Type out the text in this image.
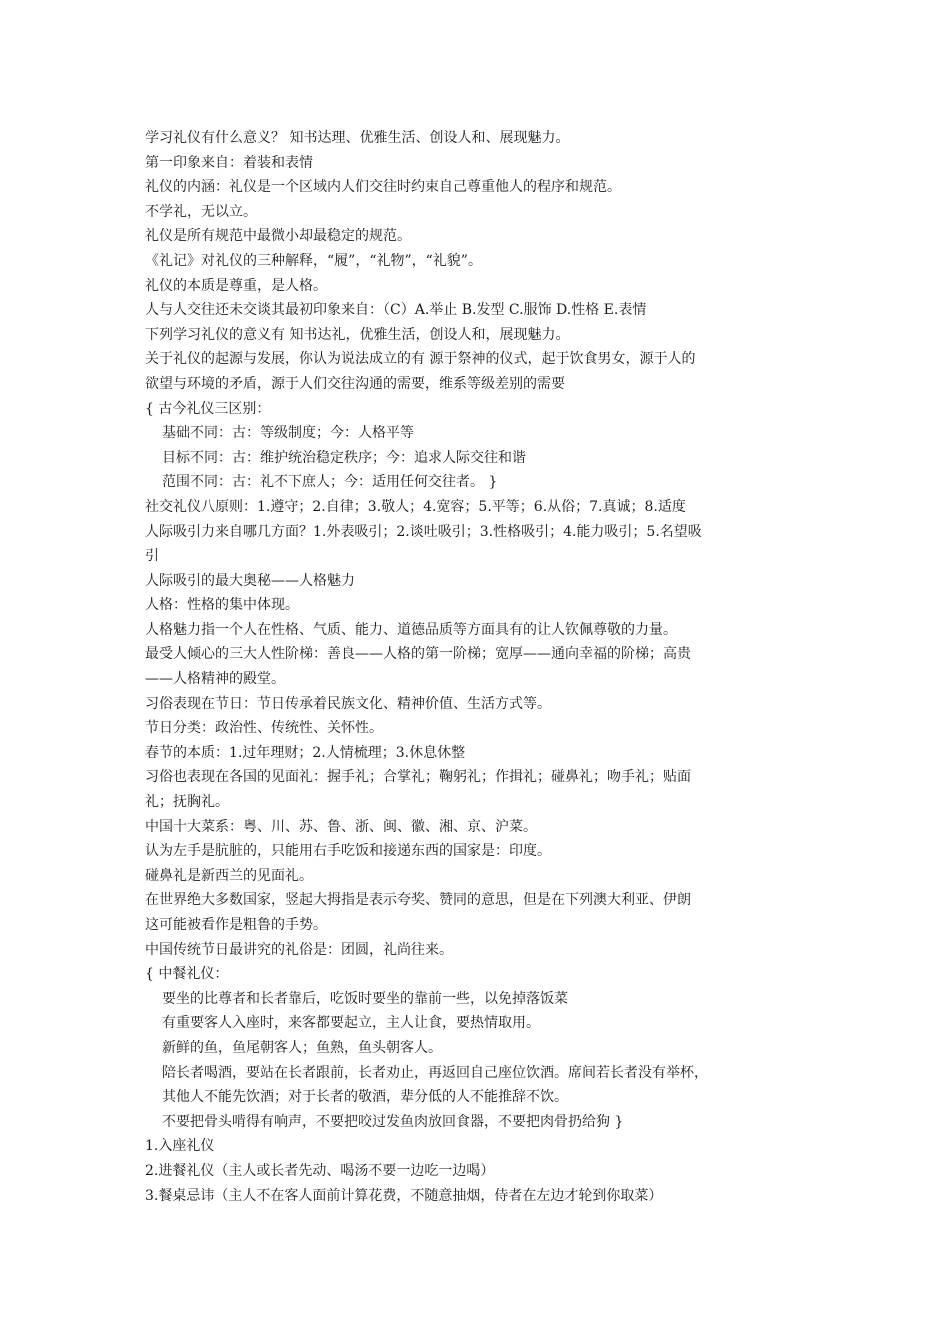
学习礼仪有什么意义？ 知书达理、优雅生活、创设人和、展现魅力。
第一印象来自：着装和表情
礼仪的内涵：礼仪是一个区域内人们交往时约束自己尊重他人的程序和规范。
不学礼，无以立。
礼仪是所有规范中最微小却最稳定的规范。
《礼记》对礼仪的三种解释，“履”，“礼物”，“礼貌”。
礼仪的本质是尊重，是人格。
人与人交往还未交谈其最初印象来自：（C）A.举止 B.发型 C.服饰 D.性格 E.表情
下列学习礼仪的意义有 知书达礼，优雅生活，创设人和，展现魅力。
关于礼仪的起源与发展，你认为说法成立的有 源于祭神的仪式，起于饮食男女，源于人的
欲望与环境的矛盾，源于人们交往沟通的需要，维系等级差别的需要
{ 古今礼仪三区别：
基础不同：古：等级制度；今：人格平等
目标不同：古：维护统治稳定秩序；今：追求人际交往和谐
范围不同：古：礼不下庶人；今：适用任何交往者。 }
社交礼仪八原则：1.遵守；2.自律；3.敬人；4.宽容；5.平等；6.从俗；7.真诚；8.适度
人际吸引力来自哪几方面？1.外表吸引；2.谈吐吸引；3.性格吸引；4.能力吸引；5.名望吸
引
人际吸引的最大奥秘——人格魅力
人格：性格的集中体现。
人格魅力指一个人在性格、气质、能力、道德品质等方面具有的让人钦佩尊敬的力量。
最受人倾心的三大人性阶梯：善良——人格的第一阶梯；宽厚——通向幸福的阶梯；高贵
——人格精神的殿堂。
习俗表现在节日：节日传承着民族文化、精神价值、生活方式等。
节日分类：政治性、传统性、关怀性。
春节的本质：1.过年理财；2.人情梳理；3.休息休整
习俗也表现在各国的见面礼：握手礼；合掌礼；鞠躬礼；作揖礼；碰鼻礼；吻手礼；贴面
礼；抚胸礼。
中国十大菜系：粤、川、苏、鲁、浙、闽、徽、湘、京、沪菜。
认为左手是肮脏的，只能用右手吃饭和接递东西的国家是：印度。
碰鼻礼是新西兰的见面礼。
在世界绝大多数国家，竖起大拇指是表示夸奖、赞同的意思，但是在下列澳大利亚、伊朗
这可能被看作是粗鲁的手势。
中国传统节日最讲究的礼俗是：团圆，礼尚往来。
{ 中餐礼仪：
要坐的比尊者和长者靠后，吃饭时要坐的靠前一些，以免掉落饭菜
有重要客人入座时，来客都要起立，主人让食，要热情取用。
新鲜的鱼，鱼尾朝客人；鱼熟，鱼头朝客人。
陪长者喝酒，要站在长者跟前，长者劝止，再返回自己座位饮酒。席间若长者没有举杯，
其他人不能先饮酒；对于长者的敬酒，辈分低的人不能推辞不饮。
不要把骨头啃得有响声，不要把咬过发鱼肉放回食器，不要把肉骨扔给狗 }
1.入座礼仪
2.进餐礼仪（主人或长者先动、喝汤不要一边吃一边喝）
3.餐桌忌讳（主人不在客人面前计算花费，不随意抽烟，侍者在左边才轮到你取菜）
